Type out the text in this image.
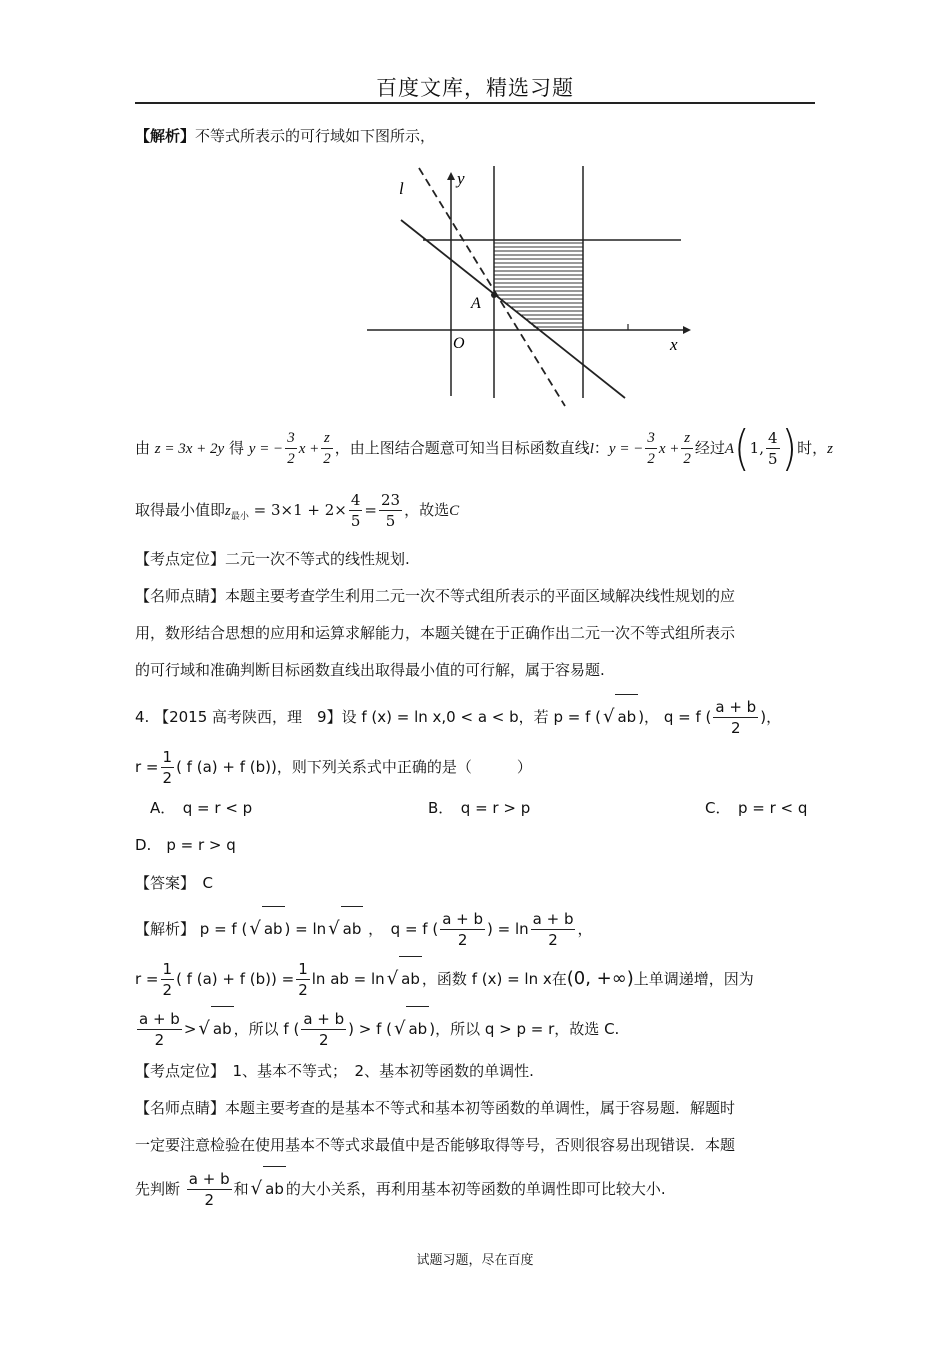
百度文库，精选习题
【解析】不等式所表示的可行域如下图所示，
l
y
A
O	x
由 z = 3x + 2y 得 y = − $\frac{3}{2}$ $x + \frac{z}{2}$ ，由上图结合题意可知当目标函数直线l：y = − $\frac{3}{2}$ $x + \frac{z}{2}$ 经过A(1, $\frac{4}{5}$ )时，z
取得最小值即$z_{最小} = 3\times 1 + 2\times \frac{4}{5} = \frac{23}{5}$ ，故选C
【考点定位】二元一次不等式的线性规划.
【名师点睛】本题主要考查学生利用二元一次不等式组所表示的平面区域解决线性规划的应
用，数形结合思想的应用和运算求解能力，本题关键在于正确作出二元一次不等式组所表示
的可行域和准确判断目标函数直线出取得最小值的可行解，属于容易题.
4. 【2015 高考陕西，理　9】设 f (x) = ln x,0 < a < b，若 p = f ( √ ab )， q = f ( $\frac{a + b}{2}$ )，
$r = \frac{1}{2}$ ( f (a) + f (b))，则下列关系式中正确的是（　　　）
A．　q = r < p	B．　q = r > p	C．　p = r < q
D.　p = r > q
【答案】　C
【解析】 p = f ( √ ab ) = ln √ ab ，　q = f ( $\frac{a + b}{2}$ ) = $\ln \frac{a + b}{2}$ ，
$r = \frac{1}{2}$ ( f (a) + f $(b)) = \frac{1}{2}$ ln ab = ln √ ab ，函数 f (x) = ln x在(0, +∞)上单调递增，因为
$\frac{a + b}{2}$ > √ ab ，所以 f ( $\frac{a + b}{2}$ ) > f ( √ ab )，所以 q > p = r，故选 C.
【考点定位】　1、基本不等式；　2、基本初等函数的单调性.
【名师点睛】本题主要考查的是基本不等式和基本初等函数的单调性，属于容易题．解题时
一定要注意检验在使用基本不等式求最值中是否能够取得等号，否则很容易出现错误．本题
先判断 $\frac{a + b}{2}$ 和 √ ab 的大小关系，再利用基本初等函数的单调性即可比较大小.
试题习题，尽在百度
